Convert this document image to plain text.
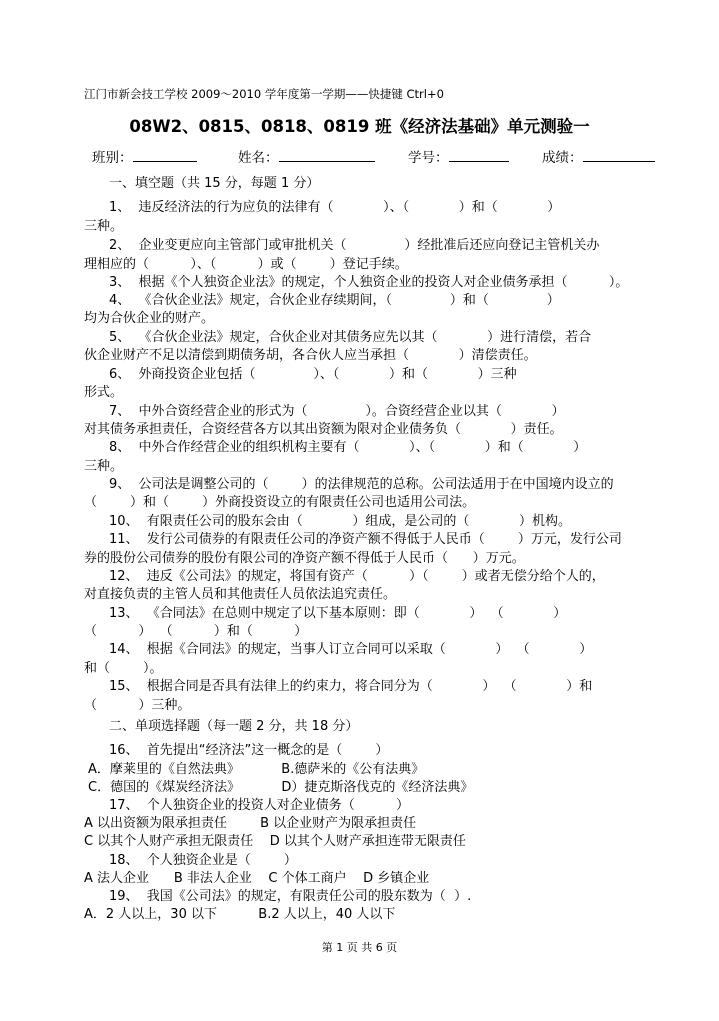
江门市新会技工学校 2009～2010 学年度第一学期——快捷键 Ctrl+0
08W2、0815、0818、0819 班《经济法基础》单元测验一
班别：	姓名：	学号：	成绩：
一、填空题（共 15 分，每题 1 分）
1、  违反经济法的行为应负的法律有（            ）、（            ）和（            ）
三种。
2、  企业变更应向主管部门或审批机关（              ）经批准后还应向登记主管机关办
理相应的（          ）、（          ）或（        ）登记手续。
3、  根据《个人独资企业法》的规定，个人独资企业的投资人对企业债务承担（          ）。
4、  《合伙企业法》规定，合伙企业存续期间，（              ）和（              ）
均为合伙企业的财产。
5、  《合伙企业法》规定，合伙企业对其债务应先以其（            ）进行清偿，若合
伙企业财产不足以清偿到期债务胡，各合伙人应当承担（            ）清偿责任。
6、  外商投资企业包括（              ）、（            ）和（            ）三种
形式。
7、  中外合资经营企业的形式为（              ）。合资经营企业以其（            ）
对其债务承担责任，合资经营各方以其出资额为限对企业债务负（            ）责任。
8、  中外合作经营企业的组织机构主要有（            ）、（            ）和（            ）
三种。
9、  公司法是调整公司的（        ）的法律规范的总称。公司法适用于在中国境内设立的
（        ）和（        ）外商投资设立的有限责任公司也适用公司法。
10、  有限责任公司的股东会由（            ）组成，是公司的（            ）机构。
11、  发行公司债券的有限责任公司的净资产额不得低于人民币（        ）万元，发行公司
券的股份公司债券的股份有限公司的净资产额不得低于人民币（      ）万元。
12、  违反《公司法》的规定，将国有资产（          ）（        ）或者无偿分给个人的，
对直接负责的主管人员和其他责任人员依法追究责任。
13、  《合同法》在总则中规定了以下基本原则：即（            ）  （            ）
（          ）  （          ）和（          ）
14、  根据《合同法》的规定，当事人订立合同可以采取（            ）  （            ）
和（        ）。
15、  根据合同是否具有法律上的约束力，将合同分为（            ）  （            ）和
（          ）三种。
二、单项选择题（每一题 2 分，共 18 分）
16、  首先提出“经济法”这一概念的是（        ）
A．摩莱里的《自然法典》          B.德萨米的《公有法典》
C．德国的《煤炭经济法》          D）捷克斯洛伐克的《经济法典》
17、  个人独资企业的投资人对企业债务（          ）
A 以出资额为限承担责任        B 以企业财产为限承担责任
C 以其个人财产承担无限责任    D 以其个人财产承担连带无限责任
18、  个人独资企业是（        ）
A 法人企业      B 非法人企业    C 个体工商户    D 乡镇企业
19、  我国《公司法》的规定，有限责任公司的股东数为（  ）.
A．2 人以上，30 以下          B.2 人以上，40 人以下
第 1 页 共 6 页
